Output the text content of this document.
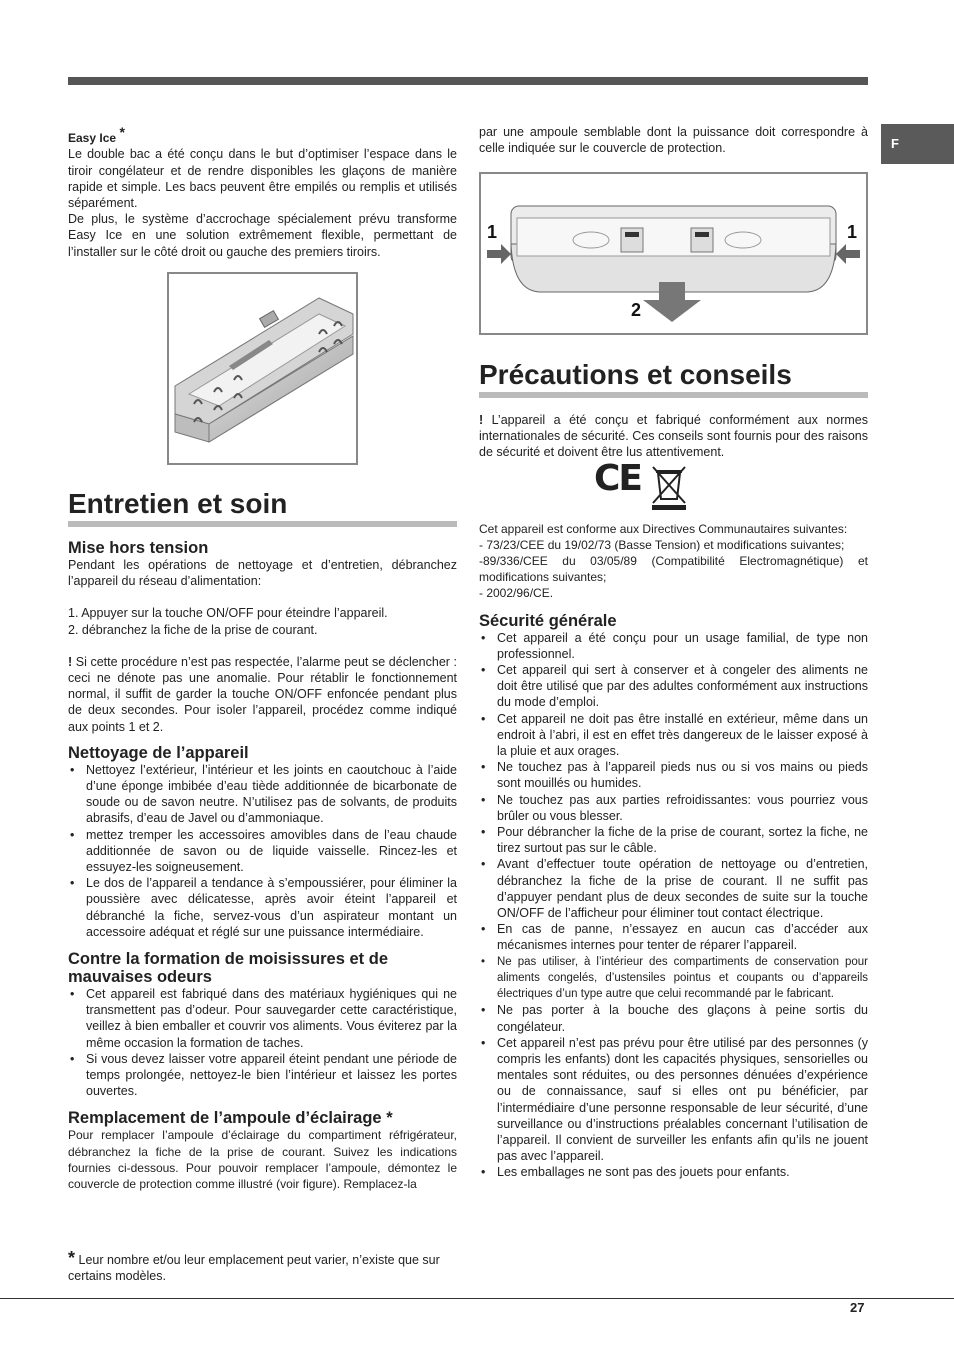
F
Easy Ice *

Le double bac a été conçu dans le but d’optimiser l’espace dans le tiroir congélateur et de rendre disponibles les glaçons de manière rapide et simple. Les bacs peuvent être empilés ou remplis et utilisés séparément.

De plus, le système d’accrochage spécialement prévu transforme Easy Ice en une solution extrêmement flexible, permettant de l’installer sur le côté droit ou gauche des premiers tiroirs.

Entretien et soin
Mise hors tension

Pendant les opérations de nettoyage et d’entretien, débranchez l’appareil du réseau d’alimentation:

1. Appuyer sur la touche ON/OFF pour éteindre l’appareil.
2. débranchez la fiche de la prise de courant.

! Si cette procédure n’est pas respectée, l’alarme peut se déclencher : ceci ne dénote pas une anomalie. Pour rétablir le fonctionnement normal, il suffit de garder la touche ON/OFF enfoncée pendant plus de deux secondes. Pour isoler l’appareil, procédez comme indiqué aux points 1 et 2.

Nettoyage de l’appareil
• Nettoyez l’extérieur, l’intérieur et les joints en caoutchouc à l’aide d’une éponge imbibée d’eau tiède additionnée de bicarbonate de soude ou de savon neutre. N’utilisez pas de solvants, de produits abrasifs, d’eau de Javel ou d’ammoniaque.
• mettez tremper les accessoires amovibles dans de l’eau chaude additionnée de savon ou de liquide vaisselle. Rincez-les et essuyez-les soigneusement.
• Le dos de l’appareil a tendance à s’empoussiérer, pour éliminer la poussière avec délicatesse, après avoir éteint l’appareil et débranché la fiche, servez-vous d’un aspirateur montant un accessoire adéquat et réglé sur une puissance intermédiaire.
Contre la formation de moisissures et de mauvaises odeurs
• Cet appareil est fabriqué dans des matériaux hygiéniques qui ne transmettent pas d’odeur. Pour sauvegarder cette caractéristique, veillez à bien emballer et couvrir vos aliments. Vous éviterez par la même occasion la formation de taches.
• Si vous devez laisser votre appareil éteint pendant une période de temps prolongée, nettoyez-le bien l’intérieur et laissez les portes ouvertes.
Remplacement de l’ampoule d’éclairage *

Pour remplacer l’ampoule d’éclairage du compartiment réfrigérateur, débranchez la fiche de la prise de courant. Suivez les indications fournies ci-dessous. Pour pouvoir remplacer l’ampoule, démontez le couvercle de protection comme illustré (voir figure). Remplacez-la

* Leur nombre et/ou leur emplacement peut varier, n’existe que sur certains modèles.

par une ampoule semblable dont la puissance doit correspondre à celle indiquée sur le couvercle de protection.

1	1
2
Précautions et conseils

! L’appareil a été conçu et fabriqué conformément aux normes internationales de sécurité. Ces conseils sont fournis pour des raisons de sécurité et doivent être lus attentivement.

CE
Cet appareil est conforme aux Directives Communautaires suivantes:
- 73/23/CEE du 19/02/73 (Basse Tension) et modifications suivantes;
-89/336/CEE du 03/05/89 (Compatibilité Electromagnétique) et modifications suivantes;
- 2002/96/CE.
Sécurité générale
• Cet appareil a été conçu pour un usage familial, de type non professionnel.
• Cet appareil qui sert à conserver et à congeler des aliments ne doit être utilisé que par des adultes conformément aux instructions du mode d’emploi.
• Cet appareil ne doit pas être installé en extérieur, même dans un endroit à l’abri, il est en effet très dangereux de le laisser exposé à la pluie et aux orages.
• Ne touchez pas à l’appareil pieds nus ou si vos mains ou pieds sont mouillés ou humides.
• Ne touchez pas aux parties refroidissantes: vous pourriez vous brûler ou vous blesser.
• Pour débrancher la fiche de la prise de courant, sortez la fiche, ne tirez surtout pas sur le câble.
• Avant d’effectuer toute opération de nettoyage ou d’entretien, débranchez la fiche de la prise de courant. Il ne suffit pas d’appuyer pendant plus de deux secondes de suite sur la touche ON/OFF de l’afficheur pour éliminer tout contact électrique.
• En cas de panne, n’essayez en aucun cas d’accéder aux mécanismes internes pour tenter de réparer l’appareil.
• Ne pas utiliser, à l’intérieur des compartiments de conservation pour aliments congelés, d’ustensiles pointus et coupants ou d’appareils électriques d’un type autre que celui recommandé par le fabricant.
• Ne pas porter à la bouche des glaçons à peine sortis du congélateur.
• Cet appareil n’est pas prévu pour être utilisé par des personnes (y compris les enfants) dont les capacités physiques, sensorielles ou mentales sont réduites, ou des personnes dénuées d’expérience ou de connaissance, sauf si elles ont pu bénéficier, par l’intermédiaire d’une personne responsable de leur sécurité, d’une surveillance ou d’instructions préalables concernant l’utilisation de l’appareil. Il convient de surveiller les enfants afin qu’ils ne jouent pas avec l’appareil.
• Les emballages ne sont pas des jouets pour enfants.
27
